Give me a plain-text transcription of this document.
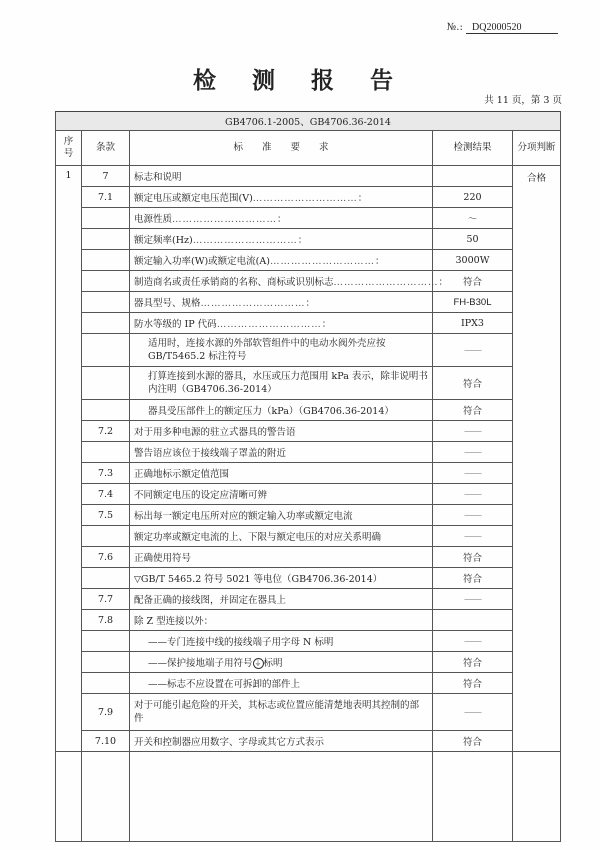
№.: DQ2000520
检 测 报 告
共 11 页，第 3 页
GB4706.1-2005、GB4706.36-2014				
序号	条款	标　　准　　要　　求	检测结果	分项判断
1	7	标志和说明		合格
	7.1	额定电压或额定电压范围(V)…………………………：	220	
		电源性质…………………………：	～	
		额定频率(Hz)…………………………：	50	
		额定输入功率(W)或额定电流(A)…………………………：	3000W	
		制造商名或责任承销商的名称、商标或识别标志…………………………：	符合	
		器具型号、规格…………………………：	FH-B30L	
		防水等级的 IP 代码…………………………：	IPX3	
		适用时，连接水源的外部软管组件中的电动水阀外壳应按GB/T5465.2 标注符号	——	
		打算连接到水源的器具，水压或压力范围用 kPa 表示，除非说明书内注明（GB4706.36-2014）	符合	
		器具受压部件上的额定压力（kPa）（GB4706.36-2014）	符合	
	7.2	对于用多种电源的驻立式器具的警告语	——	
		警告语应该位于接线端子罩盖的附近	——	
	7.3	正确地标示额定值范围	——	
	7.4	不同额定电压的设定应清晰可辨	——	
	7.5	标出每一额定电压所对应的额定输入功率或额定电流	——	
		额定功率或额定电流的上、下限与额定电压的对应关系明确	——	
	7.6	正确使用符号	符合	
		▽GB/T 5465.2 符号 5021 等电位（GB4706.36-2014）	符合	
	7.7	配备正确的接线图，并固定在器具上	——	
	7.8	除 Z 型连接以外：		
		——专门连接中线的接线端子用字母 N 标明	——	
		——保护接地端子用符号 ⏚ 标明	符合	
		——标志不应设置在可拆卸的部件上	符合	
	7.9	对于可能引起危险的开关，其标志或位置应能清楚地表明其控制的部件	——	
	7.10	开关和控制器应用数字、字母或其它方式表示	符合	
